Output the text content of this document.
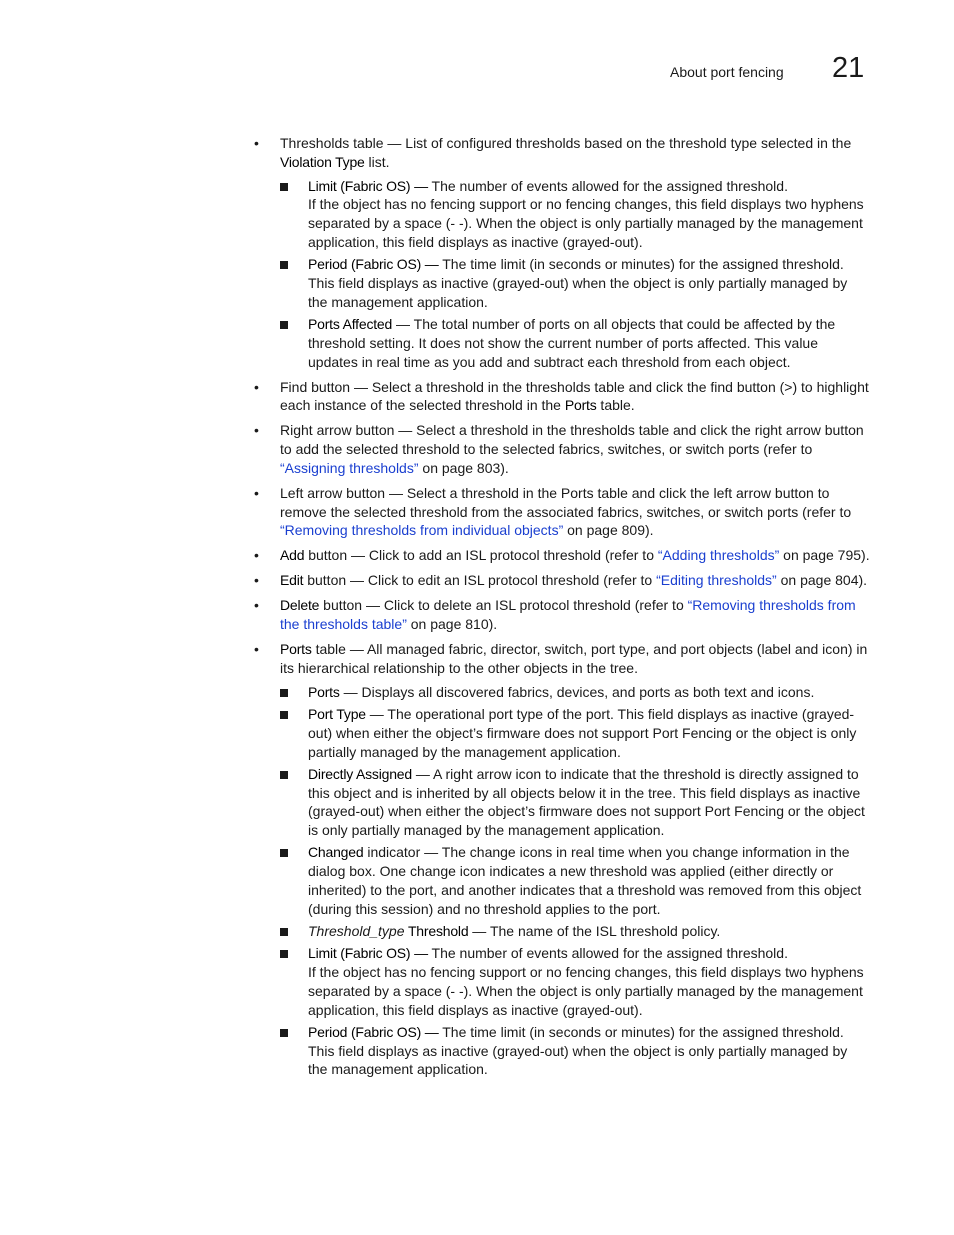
About port fencing 21
• Thresholds table — List of configured thresholds based on the threshold type selected in the Violation Type list.
Limit (Fabric OS) — The number of events allowed for the assigned threshold.
If the object has no fencing support or no fencing changes, this field displays two hyphens separated by a space (- -). When the object is only partially managed by the management application, this field displays as inactive (grayed-out).
Period (Fabric OS) — The time limit (in seconds or minutes) for the assigned threshold. This field displays as inactive (grayed-out) when the object is only partially managed by the management application.
Ports Affected — The total number of ports on all objects that could be affected by the threshold setting. It does not show the current number of ports affected. This value updates in real time as you add and subtract each threshold from each object.
• Find button — Select a threshold in the thresholds table and click the find button (>) to highlight each instance of the selected threshold in the Ports table.
• Right arrow button — Select a threshold in the thresholds table and click the right arrow button to add the selected threshold to the selected fabrics, switches, or switch ports (refer to “Assigning thresholds” on page 803).
• Left arrow button — Select a threshold in the Ports table and click the left arrow button to remove the selected threshold from the associated fabrics, switches, or switch ports (refer to “Removing thresholds from individual objects” on page 809).
• Add button — Click to add an ISL protocol threshold (refer to “Adding thresholds” on page 795).
• Edit button — Click to edit an ISL protocol threshold (refer to “Editing thresholds” on page 804).
• Delete button — Click to delete an ISL protocol threshold (refer to “Removing thresholds from the thresholds table” on page 810).
• Ports table — All managed fabric, director, switch, port type, and port objects (label and icon) in its hierarchical relationship to the other objects in the tree.
Ports — Displays all discovered fabrics, devices, and ports as both text and icons.
Port Type — The operational port type of the port. This field displays as inactive (grayed-out) when either the object’s firmware does not support Port Fencing or the object is only partially managed by the management application.
Directly Assigned — A right arrow icon to indicate that the threshold is directly assigned to this object and is inherited by all objects below it in the tree. This field displays as inactive (grayed-out) when either the object’s firmware does not support Port Fencing or the object is only partially managed by the management application.
Changed indicator — The change icons in real time when you change information in the dialog box. One change icon indicates a new threshold was applied (either directly or inherited) to the port, and another indicates that a threshold was removed from this object (during this session) and no threshold applies to the port.
Threshold_type Threshold — The name of the ISL threshold policy.
Limit (Fabric OS) — The number of events allowed for the assigned threshold.
If the object has no fencing support or no fencing changes, this field displays two hyphens separated by a space (- -). When the object is only partially managed by the management application, this field displays as inactive (grayed-out).
Period (Fabric OS) — The time limit (in seconds or minutes) for the assigned threshold. This field displays as inactive (grayed-out) when the object is only partially managed by the management application.
